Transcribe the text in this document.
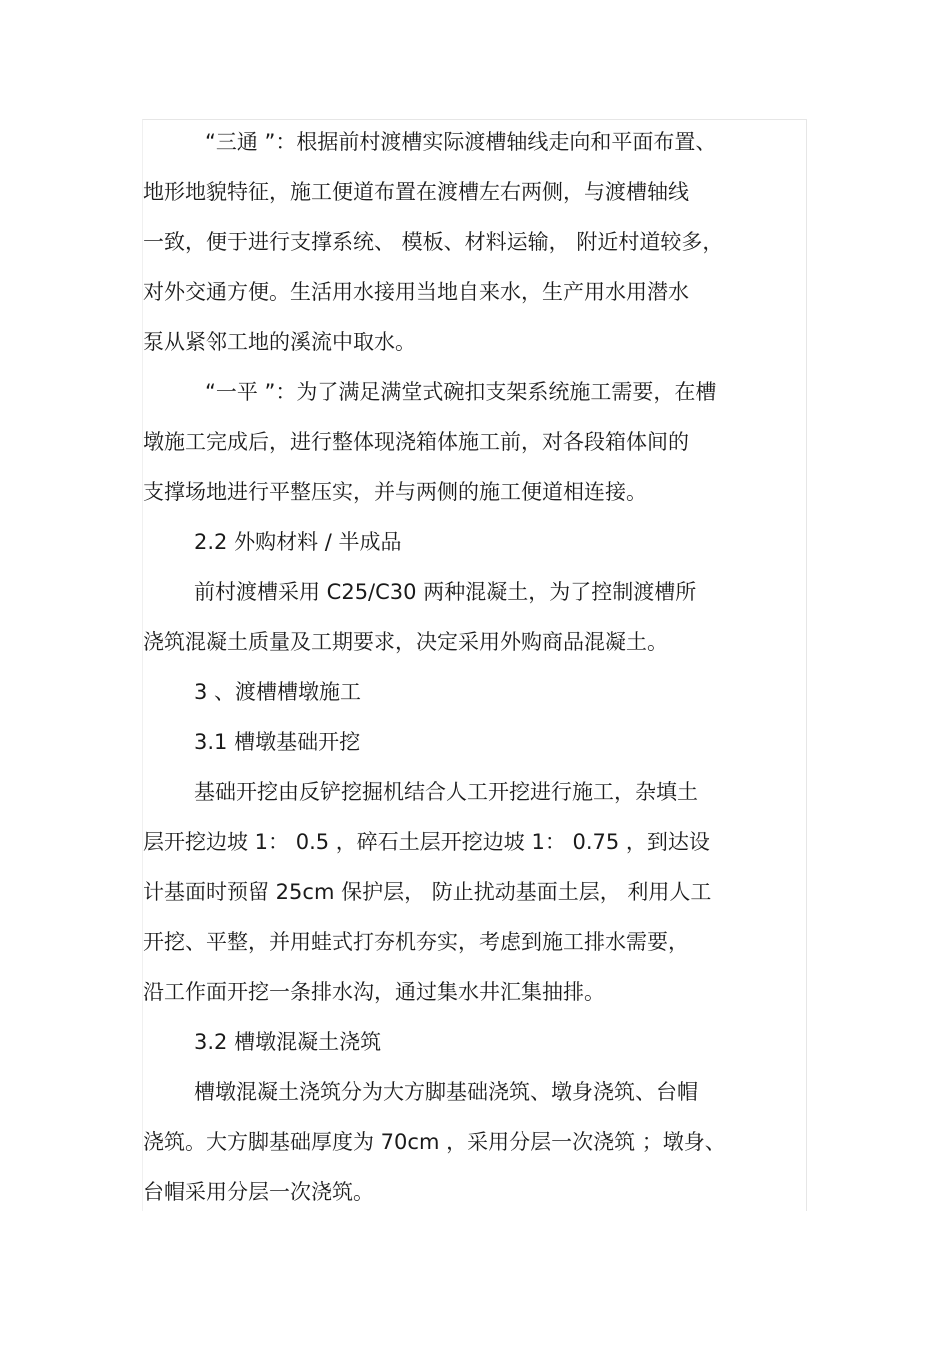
“三通 ”：根据前村渡槽实际渡槽轴线走向和平面布置、
地形地貌特征，施工便道布置在渡槽左右两侧，与渡槽轴线
一致，便于进行支撑系统、 模板、材料运输， 附近村道较多，
对外交通方便。生活用水接用当地自来水，生产用水用潜水
泵从紧邻工地的溪流中取水。
“一平 ”：为了满足满堂式碗扣支架系统施工需要，在槽
墩施工完成后，进行整体现浇箱体施工前，对各段箱体间的
支撑场地进行平整压实，并与两侧的施工便道相连接。
2.2 外购材料 / 半成品
前村渡槽采用 C25/C30 两种混凝土，为了控制渡槽所
浇筑混凝土质量及工期要求，决定采用外购商品混凝土。
3 、渡槽槽墩施工
3.1 槽墩基础开挖
基础开挖由反铲挖掘机结合人工开挖进行施工，杂填土
层开挖边坡 1： 0.5 ，碎石土层开挖边坡 1： 0.75 ，到达设
计基面时预留 25cm 保护层， 防止扰动基面土层， 利用人工
开挖、平整，并用蛙式打夯机夯实，考虑到施工排水需要，
沿工作面开挖一条排水沟，通过集水井汇集抽排。
3.2 槽墩混凝土浇筑
槽墩混凝土浇筑分为大方脚基础浇筑、墩身浇筑、台帽
浇筑。大方脚基础厚度为 70cm ，采用分层一次浇筑 ；墩身、
台帽采用分层一次浇筑。
